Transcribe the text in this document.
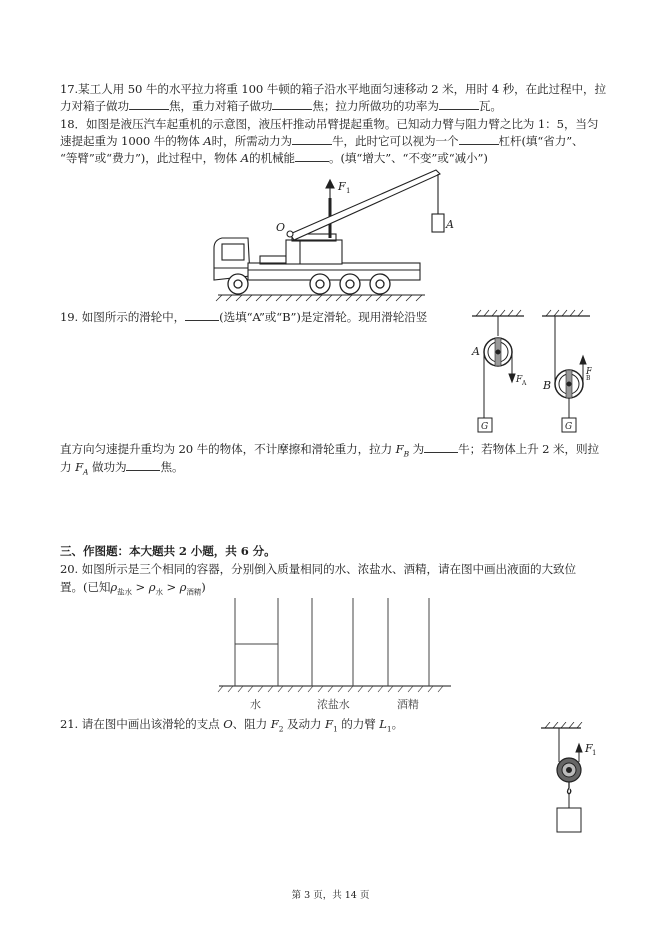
17.某工人用 50 牛的水平拉力将重 100 牛顿的箱子沿水平地面匀速移动 2 米，用时 4 秒，在此过程中，拉
力对箱子做功	焦，重力对箱子做功	焦；拉力所做功的功率为	瓦。
18．如图是液压汽车起重机的示意图，液压杆推动吊臂提起重物。已知动力臂与阻力臂之比为 1：5，当匀
速提起重为 1000 牛的物体 A时，所需动力为	牛，此时它可以视为一个	杠杆(填“省力”、
“等臂”或“费力”)，此过程中，物体 A的机械能	。(填“增大”、“不变”或“减小”)
F 1
O	A
19. 如图所示的滑轮中，	(选填“A”或“B”)是定滑轮。现用滑轮沿竖
A
B
F A
F
B
G	G
直方向匀速提升重均为 20 牛的物体，不计摩擦和滑轮重力，拉力 $F_B$ 为	牛；若物体上升 2 米，则拉
力 $F_A$ 做功为	焦。
三、作图题：本大题共 2 小题，共 6 分。
20. 如图所示是三个相同的容器，分别倒入质量相同的水、浓盐水、酒精，请在图中画出液面的大致位
置。(已知$\rho_{盐水} > \rho_水 > \rho_{酒精}$)
水	浓盐水	酒精
21. 请在图中画出该滑轮的支点 O、阻力 $F_2$ 及动力 $F_1$ 的力臂 $L_1$。
F 1
第 3 页，共 14 页
